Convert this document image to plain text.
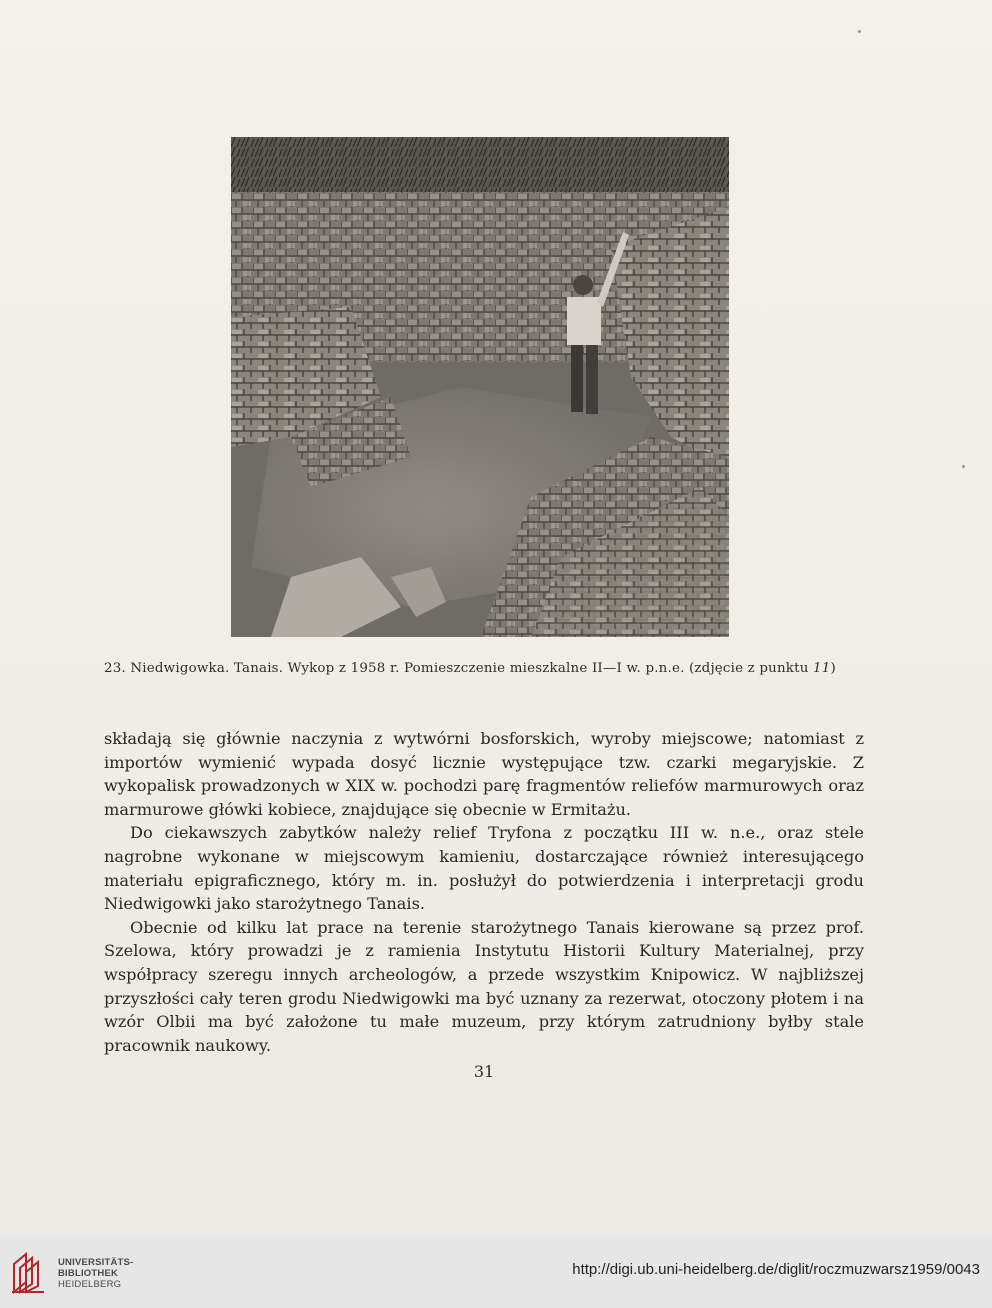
23. Niedwigowka. Tanais. Wykop z 1958 r. Pomieszczenie mieszkalne II—I w. p.n.e. (zdjęcie z punktu 11)

składają się głównie naczynia z wytwórni bosforskich, wyroby miejscowe; natomiast z importów wymienić wypada dosyć licznie występujące tzw. czarki megaryjskie. Z wykopalisk prowadzonych w XIX w. pochodzi parę fragmentów reliefów marmurowych oraz marmurowe główki kobiece, znajdujące się obecnie w Ermitażu.

Do ciekawszych zabytków należy relief Tryfona z początku III w. n.e., oraz stele nagrobne wykonane w miejscowym kamieniu, dostarczające również interesującego materiału epigraficznego, który m. in. posłużył do potwierdzenia i interpretacji grodu Niedwigowki jako starożytnego Tanais.

Obecnie od kilku lat prace na terenie starożytnego Tanais kierowane są przez prof. Szelowa, który prowadzi je z ramienia Instytutu Historii Kultury Materialnej, przy współpracy szeregu innych archeologów, a przede wszystkim Knipowicz. W najbliższej przyszłości cały teren grodu Niedwigowki ma być uznany za rezerwat, otoczony płotem i na wzór Olbii ma być założone tu małe muzeum, przy którym zatrudniony byłby stale pracownik naukowy.

31
UNIVERSITÄTS-
BIBLIOTHEK
HEIDELBERG
http://digi.ub.uni-heidelberg.de/diglit/roczmuzwarsz1959/0043
